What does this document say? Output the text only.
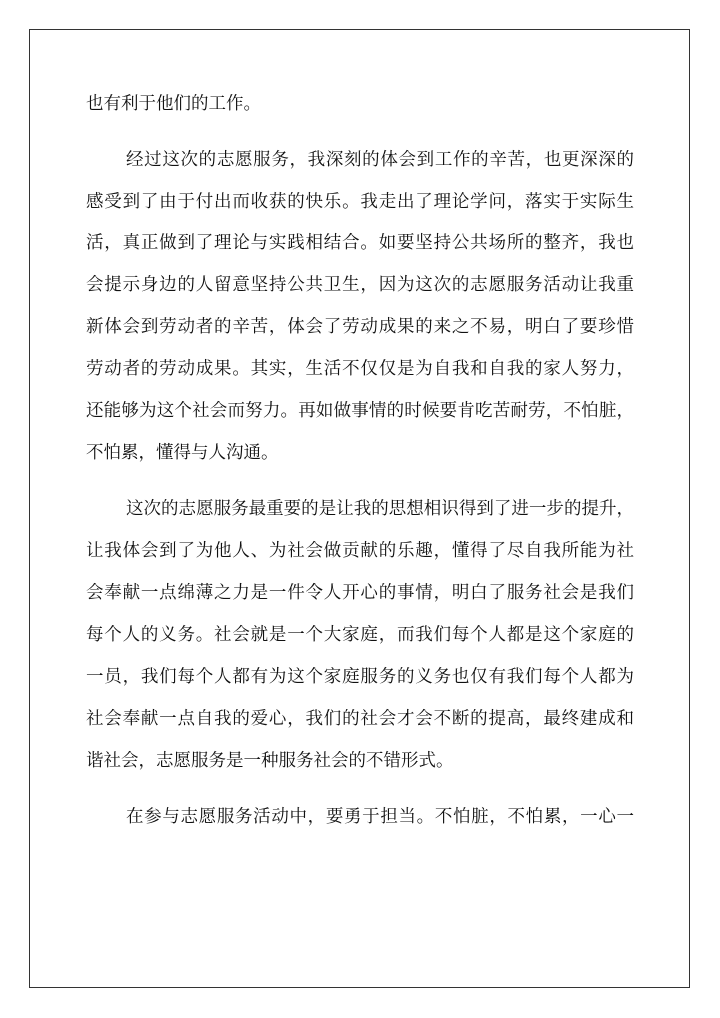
也有利于他们的工作。
经过这次的志愿服务，我深刻的体会到工作的辛苦，也更深深的
感受到了由于付出而收获的快乐。我走出了理论学问，落实于实际生
活，真正做到了理论与实践相结合。如要坚持公共场所的整齐，我也
会提示身边的人留意坚持公共卫生，因为这次的志愿服务活动让我重
新体会到劳动者的辛苦，体会了劳动成果的来之不易，明白了要珍惜
劳动者的劳动成果。其实，生活不仅仅是为自我和自我的家人努力，
还能够为这个社会而努力。再如做事情的时候要肯吃苦耐劳，不怕脏，
不怕累，懂得与人沟通。
这次的志愿服务最重要的是让我的思想相识得到了进一步的提升，
让我体会到了为他人、为社会做贡献的乐趣，懂得了尽自我所能为社
会奉献一点绵薄之力是一件令人开心的事情，明白了服务社会是我们
每个人的义务。社会就是一个大家庭，而我们每个人都是这个家庭的
一员，我们每个人都有为这个家庭服务的义务也仅有我们每个人都为
社会奉献一点自我的爱心，我们的社会才会不断的提高，最终建成和
谐社会，志愿服务是一种服务社会的不错形式。
在参与志愿服务活动中，要勇于担当。不怕脏，不怕累，一心一
